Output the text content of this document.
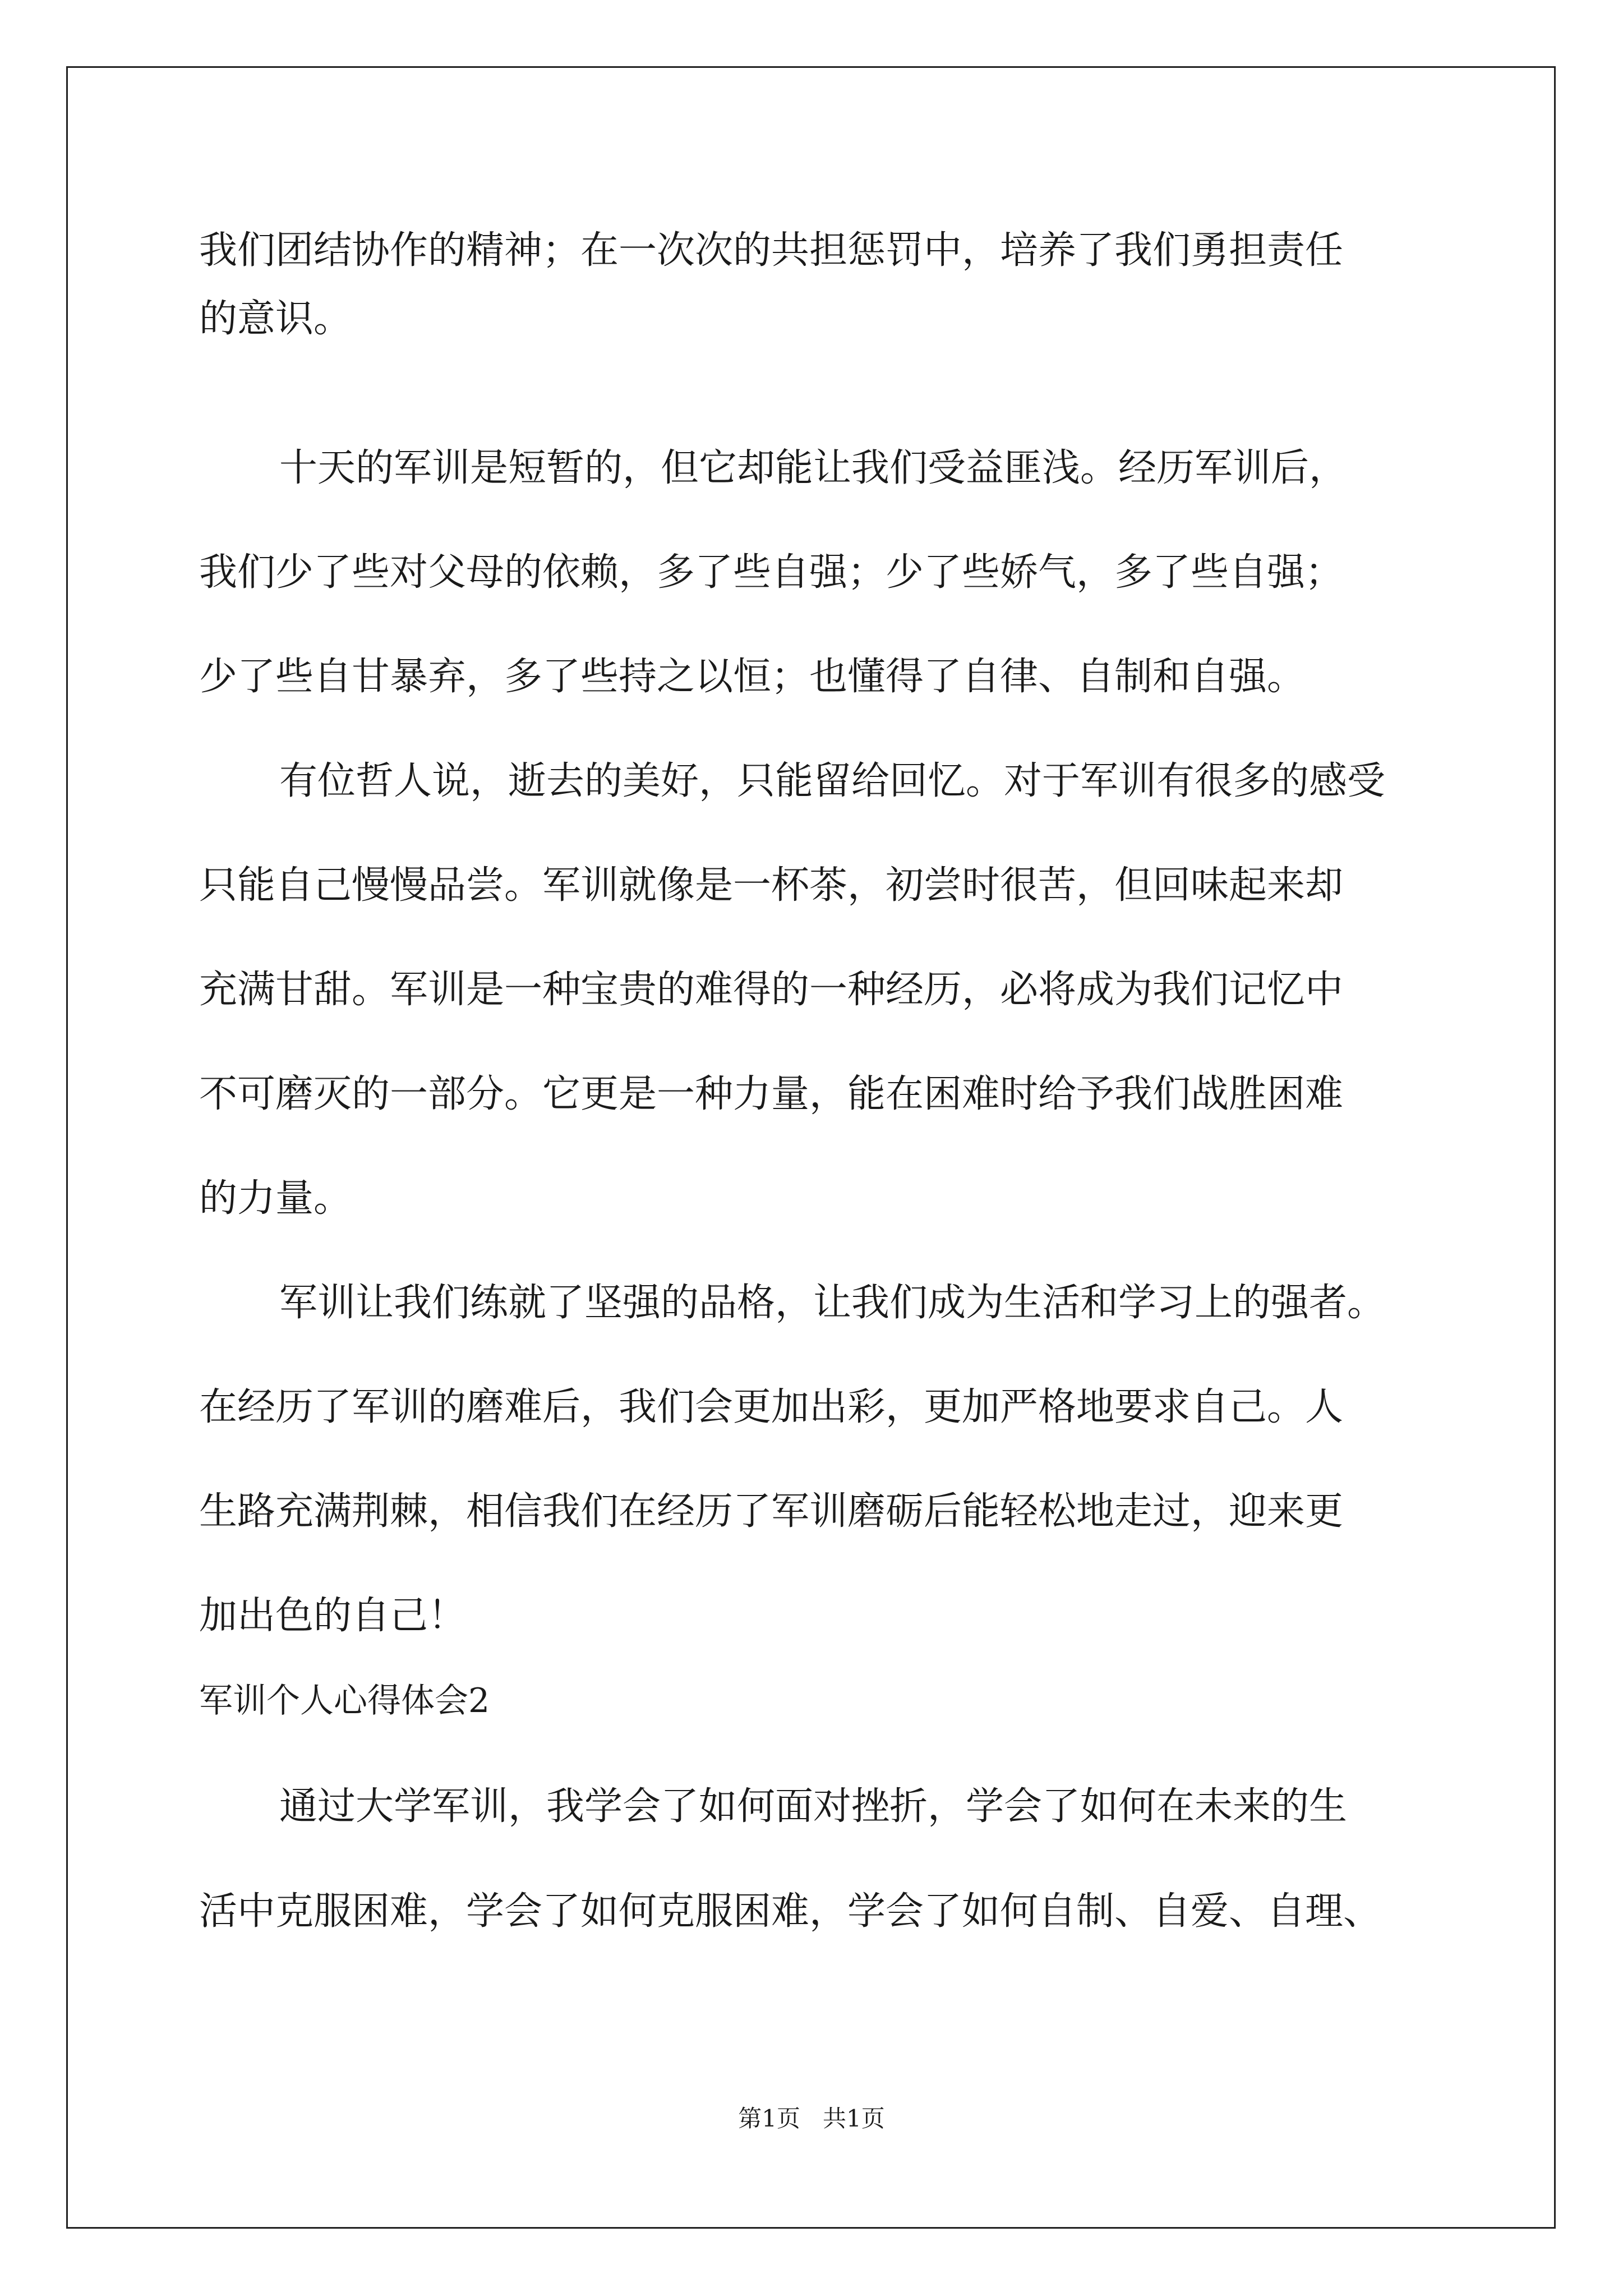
我们团结协作的精神；在一次次的共担惩罚中，培养了我们勇担责任
的意识。
十天的军训是短暂的，但它却能让我们受益匪浅。经历军训后，
我们少了些对父母的依赖，多了些自强；少了些娇气，多了些自强；
少了些自甘暴弃，多了些持之以恒；也懂得了自律、自制和自强。
有位哲人说，逝去的美好，只能留给回忆。对于军训有很多的感受
只能自己慢慢品尝。军训就像是一杯茶，初尝时很苦，但回味起来却
充满甘甜。军训是一种宝贵的难得的一种经历，必将成为我们记忆中
不可磨灭的一部分。它更是一种力量，能在困难时给予我们战胜困难
的力量。
军训让我们练就了坚强的品格，让我们成为生活和学习上的强者。
在经历了军训的磨难后，我们会更加出彩，更加严格地要求自己。人
生路充满荆棘，相信我们在经历了军训磨砺后能轻松地走过，迎来更
加出色的自己！
军训个人心得体会2
通过大学军训，我学会了如何面对挫折，学会了如何在未来的生
活中克服困难，学会了如何克服困难，学会了如何自制、自爱、自理、
第1页   共1页
